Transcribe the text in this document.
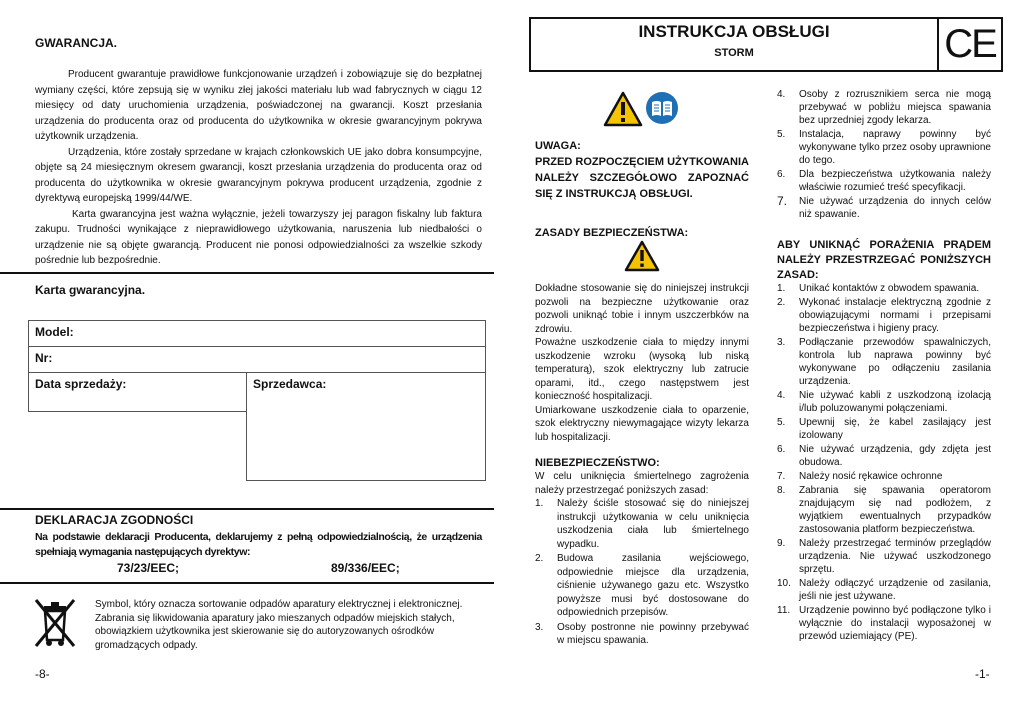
GWARANCJA.

Producent gwarantuje prawidłowe funkcjonowanie urządzeń i zobowiązuje się do bezpłatnej wymiany części, które zepsują się w wyniku złej jakości materiału lub wad fabrycznych w ciągu 12 miesięcy od daty uruchomienia urządzenia, poświadczonej na gwarancji. Koszt przesłania urządzenia do producenta oraz od producenta do użytkownika w okresie gwarancyjnym pokrywa użytkownik urządzenia.

Urządzenia, które zostały sprzedane w krajach członkowskich UE jako dobra konsumpcyjne, objęte są 24 miesięcznym okresem gwarancji, koszt przesłania urządzenia do producenta oraz od producenta do użytkownika w okresie gwarancyjnym pokrywa producent urządzenia, zgodnie z dyrektywą europejską 1999/44/WE.

Karta gwarancyjna jest ważna wyłącznie, jeżeli towarzyszy jej paragon fiskalny lub faktura zakupu. Trudności wynikające z nieprawidłowego użytkowania, naruszenia lub niedbałości o urządzenie nie są objęte gwarancją. Producent nie ponosi odpowiedzialności za wszelkie szkody pośrednie lub bezpośrednie.

Karta gwarancyjna.
Model:
Nr:
Data sprzedaży:	Sprzedawca:

DEKLARACJA ZGODNOŚCI
Na podstawie deklaracji Producenta, deklarujemy z pełną odpowiedzialnością, że urządzenia spełniają wymagania następujących dyrektyw:
73/23/EEC;	89/336/EEC;
Symbol, który oznacza sortowanie odpadów aparatury elektrycznej i elektronicznej. Zabrania się likwidowania aparatury jako mieszanych odpadów miejskich stałych, obowiązkiem użytkownika jest skierowanie się do autoryzowanych ośrodków gromadzących odpady.
-8-
INSTRUKCJA OBSŁUGI
STORM	CE
UWAGA:
PRZED ROZPOCZĘCIEM UŻYTKOWANIA NALEŻY SZCZEGÓŁOWO ZAPOZNAĆ SIĘ Z INSTRUKCJĄ OBSŁUGI.
ZASADY BEZPIECZEŃSTWA:

Dokładne stosowanie się do niniejszej instrukcji pozwoli na bezpieczne użytkowanie oraz pozwoli uniknąć tobie i innym uszczerbków na zdrowiu.

Poważne uszkodzenie ciała to między innymi uszkodzenie wzroku (wysoką lub niską temperaturą), szok elektryczny lub zatrucie oparami, itd., czego następstwem jest konieczność hospitalizacji.

Umiarkowane uszkodzenie ciała to oparzenie, szok elektryczny niewymagające wizyty lekarza lub hospitalizacji.

NIEBEZPIECZEŃSTWO:
W celu uniknięcia śmiertelnego zagrożenia należy przestrzegać poniższych zasad:
1. Należy ściśle stosować się do niniejszej instrukcji użytkowania w celu uniknięcia uszkodzenia ciała lub śmiertelnego wypadku.
2. Budowa zasilania wejściowego, odpowiednie miejsce dla urządzenia, ciśnienie używanego gazu etc. Wszystko powyższe musi być dostosowane do odpowiednich przepisów.
3. Osoby postronne nie powinny przebywać w miejscu spawania.
4. Osoby z rozrusznikiem serca nie mogą przebywać w pobliżu miejsca spawania bez uprzedniej zgody lekarza.
5. Instalacja, naprawy powinny być wykonywane tylko przez osoby uprawnione do tego.
6. Dla bezpieczeństwa użytkowania należy właściwie rozumieć treść specyfikacji.
7. Nie używać urządzenia do innych celów niż spawanie.
ABY UNIKNĄĆ PORAŻENIA PRĄDEM NALEŻY PRZESTRZEGAĆ PONIŻSZYCH ZASAD:
1. Unikać kontaktów z obwodem spawania.
2. Wykonać instalacje elektryczną zgodnie z obowiązującymi normami i przepisami bezpieczeństwa i higieny pracy.
3. Podłączanie przewodów spawalniczych, kontrola lub naprawa powinny być wykonywane po odłączeniu zasilania urządzenia.
4. Nie używać kabli z uszkodzoną izolacją i/lub poluzowanymi połączeniami.
5. Upewnij się, że kabel zasilający jest izolowany
6. Nie używać urządzenia, gdy zdjęta jest obudowa.
7. Należy nosić rękawice ochronne
8. Zabrania się spawania operatorom znajdującym się nad podłożem, z wyjątkiem ewentualnych przypadków zastosowania platform bezpieczeństwa.
9. Należy przestrzegać terminów przeglądów urządzenia. Nie używać uszkodzonego sprzętu.
10. Należy odłączyć urządzenie od zasilania, jeśli nie jest używane.
11. Urządzenie powinno być podłączone tylko i wyłącznie do instalacji wyposażonej w przewód uziemiający (PE).
-1-
